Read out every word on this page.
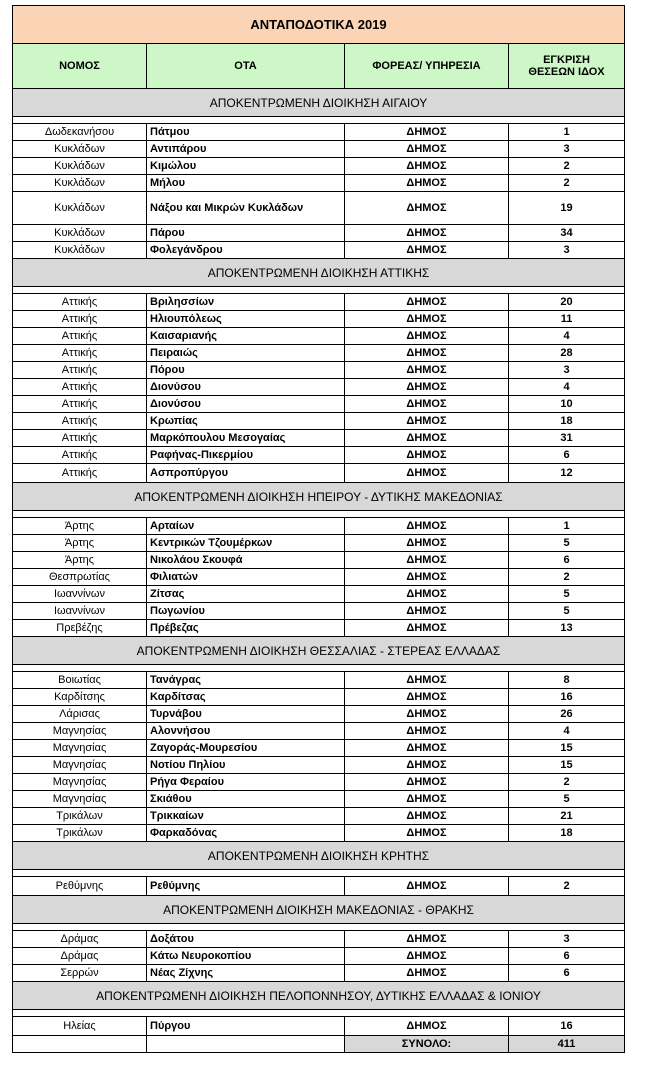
ΑΝΤΑΠΟΔΟΤΙΚΑ 2019			
ΝΟΜΟΣ	ΟΤΑ	ΦΟΡΕΑΣ/ ΥΠΗΡΕΣΙΑ	ΕΓΚΡΙΣΗ
ΘΕΣΕΩΝ ΙΔΟΧ
ΑΠΟΚΕΝΤΡΩΜΕΝΗ ΔΙΟΙΚΗΣΗ ΑΙΓΑΙΟΥ			

Δωδεκανήσου	Πάτμου	ΔΗΜΟΣ	1
Κυκλάδων	Αντιπάρου	ΔΗΜΟΣ	3
Κυκλάδων	Κιμώλου	ΔΗΜΟΣ	2
Κυκλάδων	Μήλου	ΔΗΜΟΣ	2
Κυκλάδων	Νάξου και Μικρών Κυκλάδων	ΔΗΜΟΣ	19
Κυκλάδων	Πάρου	ΔΗΜΟΣ	34
Κυκλάδων	Φολεγάνδρου	ΔΗΜΟΣ	3
ΑΠΟΚΕΝΤΡΩΜΕΝΗ ΔΙΟΙΚΗΣΗ ΑΤΤΙΚΗΣ			

Αττικής	Βριλησσίων	ΔΗΜΟΣ	20
Αττικής	Ηλιουπόλεως	ΔΗΜΟΣ	11
Αττικής	Καισαριανής	ΔΗΜΟΣ	4
Αττικής	Πειραιώς	ΔΗΜΟΣ	28
Αττικής	Πόρου	ΔΗΜΟΣ	3
Αττικής	Διονύσου	ΔΗΜΟΣ	4
Αττικής	Διονύσου	ΔΗΜΟΣ	10
Αττικής	Κρωπίας	ΔΗΜΟΣ	18
Αττικής	Μαρκόπουλου Μεσογαίας	ΔΗΜΟΣ	31
Αττικής	Ραφήνας-Πικερμίου	ΔΗΜΟΣ	6
Αττικής	Ασπροπύργου	ΔΗΜΟΣ	12
ΑΠΟΚΕΝΤΡΩΜΕΝΗ ΔΙΟΙΚΗΣΗ ΗΠΕΙΡΟΥ - ΔΥΤΙΚΗΣ ΜΑΚΕΔΟΝΙΑΣ			

Άρτης	Αρταίων	ΔΗΜΟΣ	1
Άρτης	Κεντρικών Τζουμέρκων	ΔΗΜΟΣ	5
Άρτης	Νικολάου Σκουφά	ΔΗΜΟΣ	6
Θεσπρωτίας	Φιλιατών	ΔΗΜΟΣ	2
Ιωαννίνων	Ζίτσας	ΔΗΜΟΣ	5
Ιωαννίνων	Πωγωνίου	ΔΗΜΟΣ	5
Πρεβέζης	Πρέβεζας	ΔΗΜΟΣ	13
ΑΠΟΚΕΝΤΡΩΜΕΝΗ ΔΙΟΙΚΗΣΗ ΘΕΣΣΑΛΙΑΣ - ΣΤΕΡΕΑΣ ΕΛΛΑΔΑΣ			

Βοιωτίας	Τανάγρας	ΔΗΜΟΣ	8
Καρδίτσης	Καρδίτσας	ΔΗΜΟΣ	16
Λάρισας	Τυρνάβου	ΔΗΜΟΣ	26
Μαγνησίας	Αλοννήσου	ΔΗΜΟΣ	4
Μαγνησίας	Ζαγοράς-Μουρεσίου	ΔΗΜΟΣ	15
Μαγνησίας	Νοτίου Πηλίου	ΔΗΜΟΣ	15
Μαγνησίας	Ρήγα Φεραίου	ΔΗΜΟΣ	2
Μαγνησίας	Σκιάθου	ΔΗΜΟΣ	5
Τρικάλων	Τρικκαίων	ΔΗΜΟΣ	21
Τρικάλων	Φαρκαδόνας	ΔΗΜΟΣ	18
ΑΠΟΚΕΝΤΡΩΜΕΝΗ ΔΙΟΙΚΗΣΗ ΚΡΗΤΗΣ			

Ρεθύμνης	Ρεθύμνης	ΔΗΜΟΣ	2
ΑΠΟΚΕΝΤΡΩΜΕΝΗ ΔΙΟΙΚΗΣΗ ΜΑΚΕΔΟΝΙΑΣ - ΘΡΑΚΗΣ			

Δράμας	Δοξάτου	ΔΗΜΟΣ	3
Δράμας	Κάτω Νευροκοπίου	ΔΗΜΟΣ	6
Σερρών	Νέας Ζίχνης	ΔΗΜΟΣ	6
ΑΠΟΚΕΝΤΡΩΜΕΝΗ ΔΙΟΙΚΗΣΗ ΠΕΛΟΠΟΝΝΗΣΟΥ, ΔΥΤΙΚΗΣ ΕΛΛΑΔΑΣ & ΙΟΝΙΟΥ			

Ηλείας	Πύργου	ΔΗΜΟΣ	16
		ΣΥΝΟΛΟ:	411
